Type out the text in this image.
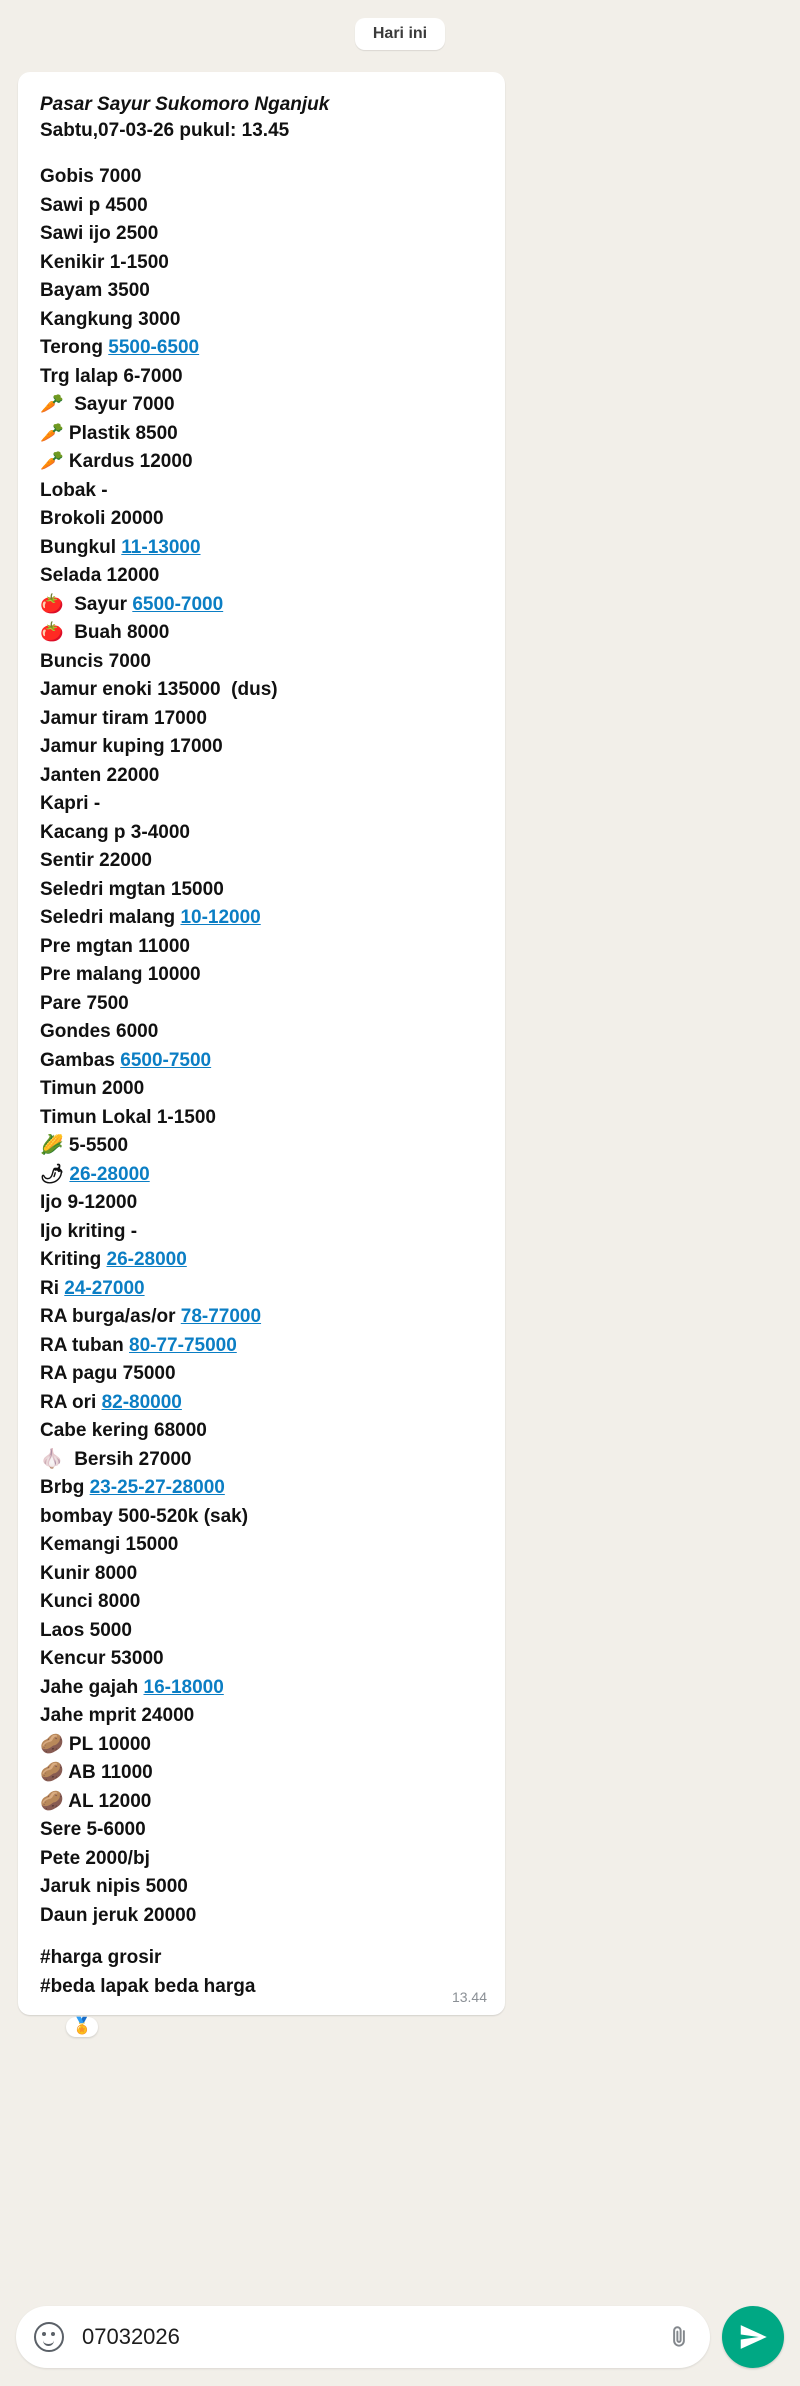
Hari ini
Pasar Sayur Sukomoro Nganjuk
Sabtu,07-03-26 pukul: 13.45
Gobis 7000
Sawi p 4500
Sawi ijo 2500
Kenikir 1-1500
Bayam 3500
Kangkung 3000
Terong 5500-6500
Trg lalap 6-7000
🥕  Sayur 7000
🥕 Plastik 8500
🥕 Kardus 12000
Lobak -
Brokoli 20000
Bungkul 11-13000
Selada 12000
🍅  Sayur 6500-7000
🍅  Buah 8000
Buncis 7000
Jamur enoki 135000  (dus)
Jamur tiram 17000
Jamur kuping 17000
Janten 22000
Kapri -
Kacang p 3-4000
Sentir 22000
Seledri mgtan 15000
Seledri malang 10-12000
Pre mgtan 11000
Pre malang 10000
Pare 7500
Gondes 6000
Gambas 6500-7500
Timun 2000
Timun Lokal 1-1500
🌽 5-5500
🌶 26-28000
Ijo 9-12000
Ijo kriting -
Kriting 26-28000
Ri 24-27000
RA burga/as/or 78-77000
RA tuban 80-77-75000
RA pagu 75000
RA ori 82-80000
Cabe kering 68000
🧄  Bersih 27000
Brbg 23-25-27-28000
bombay 500-520k (sak)
Kemangi 15000
Kunir 8000
Kunci 8000
Laos 5000
Kencur 53000
Jahe gajah 16-18000
Jahe mprit 24000
🥔 PL 10000
🥔 AB 11000
🥔 AL 12000
Sere 5-6000
Pete 2000/bj
Jaruk nipis 5000
Daun jeruk 20000
#harga grosir
#beda lapak beda harga
13.44
🏅
07032026
